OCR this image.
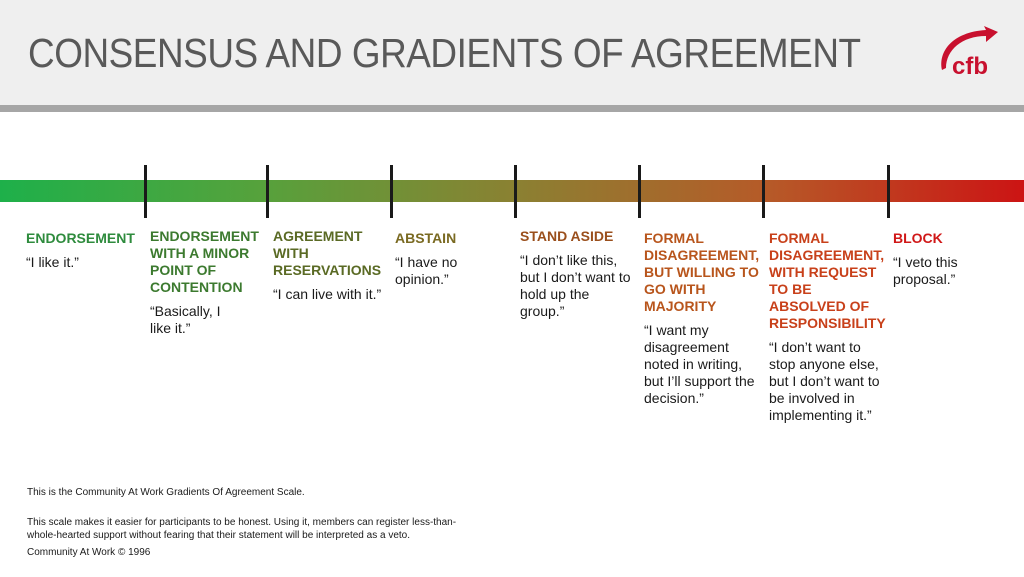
CONSENSUS AND GRADIENTS OF AGREEMENT	cfb
ENDORSEMENT
“I like it.”
ENDORSEMENT WITH A MINOR POINT OF CONTENTION
“Basically, I like it.”
AGREEMENT WITH RESERVATIONS
“I can live with it.”
ABSTAIN
“I have no opinion.”
STAND ASIDE
“I don’t like this, but I don’t want to hold up the group.”
FORMAL DISAGREEMENT, BUT WILLING TO GO WITH MAJORITY
“I want my disagreement noted in writing, but I’ll support the decision.”
FORMAL DISAGREEMENT, WITH REQUEST TO BE ABSOLVED OF RESPONSIBILITY
“I don’t want to stop anyone else, but I don’t want to be involved in implementing it.”
BLOCK
“I veto this proposal.”
This is the Community At Work Gradients Of Agreement Scale.
This scale makes it easier for participants to be honest. Using it, members can register less-than-whole-hearted support without fearing that their statement will be interpreted as a veto.
Community At Work © 1996
